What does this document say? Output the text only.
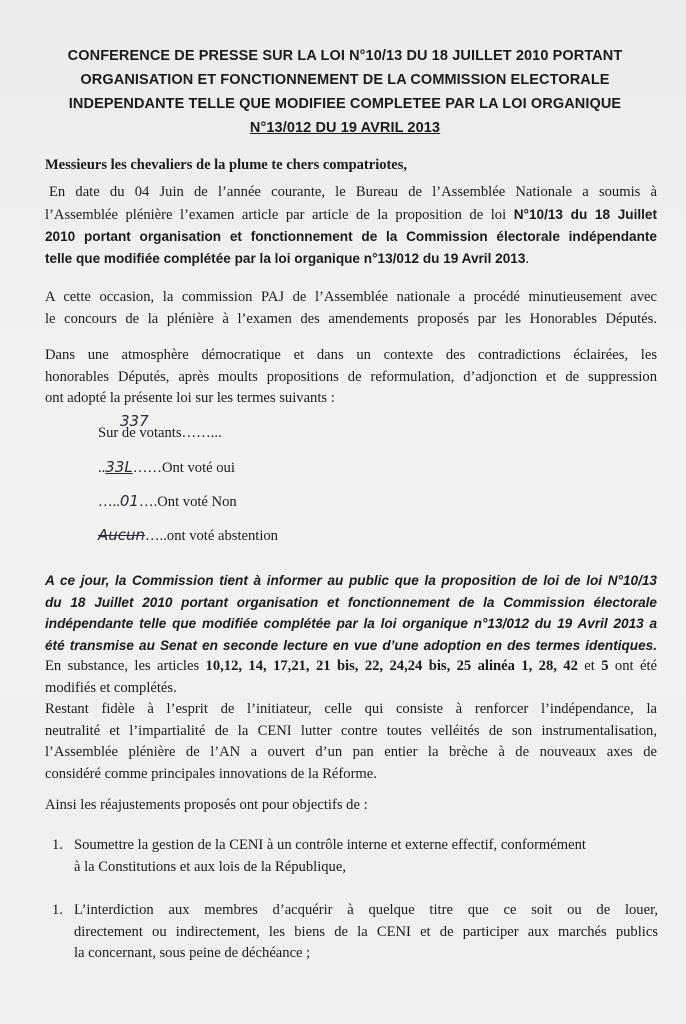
CONFERENCE DE PRESSE SUR LA LOI N°10/13 DU 18 JUILLET 2010 PORTANT
ORGANISATION ET FONCTIONNEMENT DE LA COMMISSION ELECTORALE
INDEPENDANTE TELLE QUE MODIFIEE COMPLETEE PAR LA LOI ORGANIQUE
N°13/012 DU 19 AVRIL 2013
Messieurs les chevaliers de la plume te chers compatriotes,
En date du 04 Juin de l’année courante, le Bureau de l’Assemblée Nationale a soumis à
l’Assemblée plénière l’examen article par article de la proposition de loi N°10/13 du 18 Juillet
2010 portant organisation et fonctionnement de la Commission électorale indépendante
telle que modifiée complétée par la loi organique n°13/012 du 19 Avril 2013.
A cette occasion, la commission PAJ de l’Assemblée nationale a procédé minutieusement avec
le concours de la plénière à l’examen des amendements proposés par les Honorables Députés.
Dans une atmosphère démocratique et dans un contexte des contradictions éclairées, les
honorables Députés, après moults propositions de reformulation, d’adjonction et de suppression
ont adopté la présente loi sur les termes suivants :
337
Sur de votants……...
..33L……Ont voté oui
…..01….Ont voté Non
Aucun…..ont voté abstention
A ce jour, la Commission tient à informer au public que la proposition de loi de loi N°10/13
du 18 Juillet 2010 portant organisation et fonctionnement de la Commission électorale
indépendante telle que modifiée complétée par la loi organique n°13/012 du 19 Avril 2013 a
été transmise au Senat en seconde lecture en vue d’une adoption en des termes identiques.
En substance, les articles 10,12, 14, 17,21, 21 bis, 22, 24,24 bis, 25 alinéa 1, 28, 42 et 5 ont été
modifiés et complétés.
Restant fidèle à l’esprit de l’initiateur, celle qui consiste à renforcer l’indépendance, la
neutralité et l’impartialité de la CENI lutter contre toutes velléités de son instrumentalisation,
l’Assemblée plénière de l’AN a ouvert d’un pan entier la brèche à de nouveaux axes de
considéré comme principales innovations de la Réforme.
Ainsi les réajustements proposés ont pour objectifs de :
1. Soumettre la gestion de la CENI à un contrôle interne et externe effectif, conformément
à la Constitutions et aux lois de la République,
1. L’interdiction aux membres d’acquérir à quelque titre que ce soit ou de louer,
directement ou indirectement, les biens de la CENI et de participer aux marchés publics
la concernant, sous peine de déchéance ;
